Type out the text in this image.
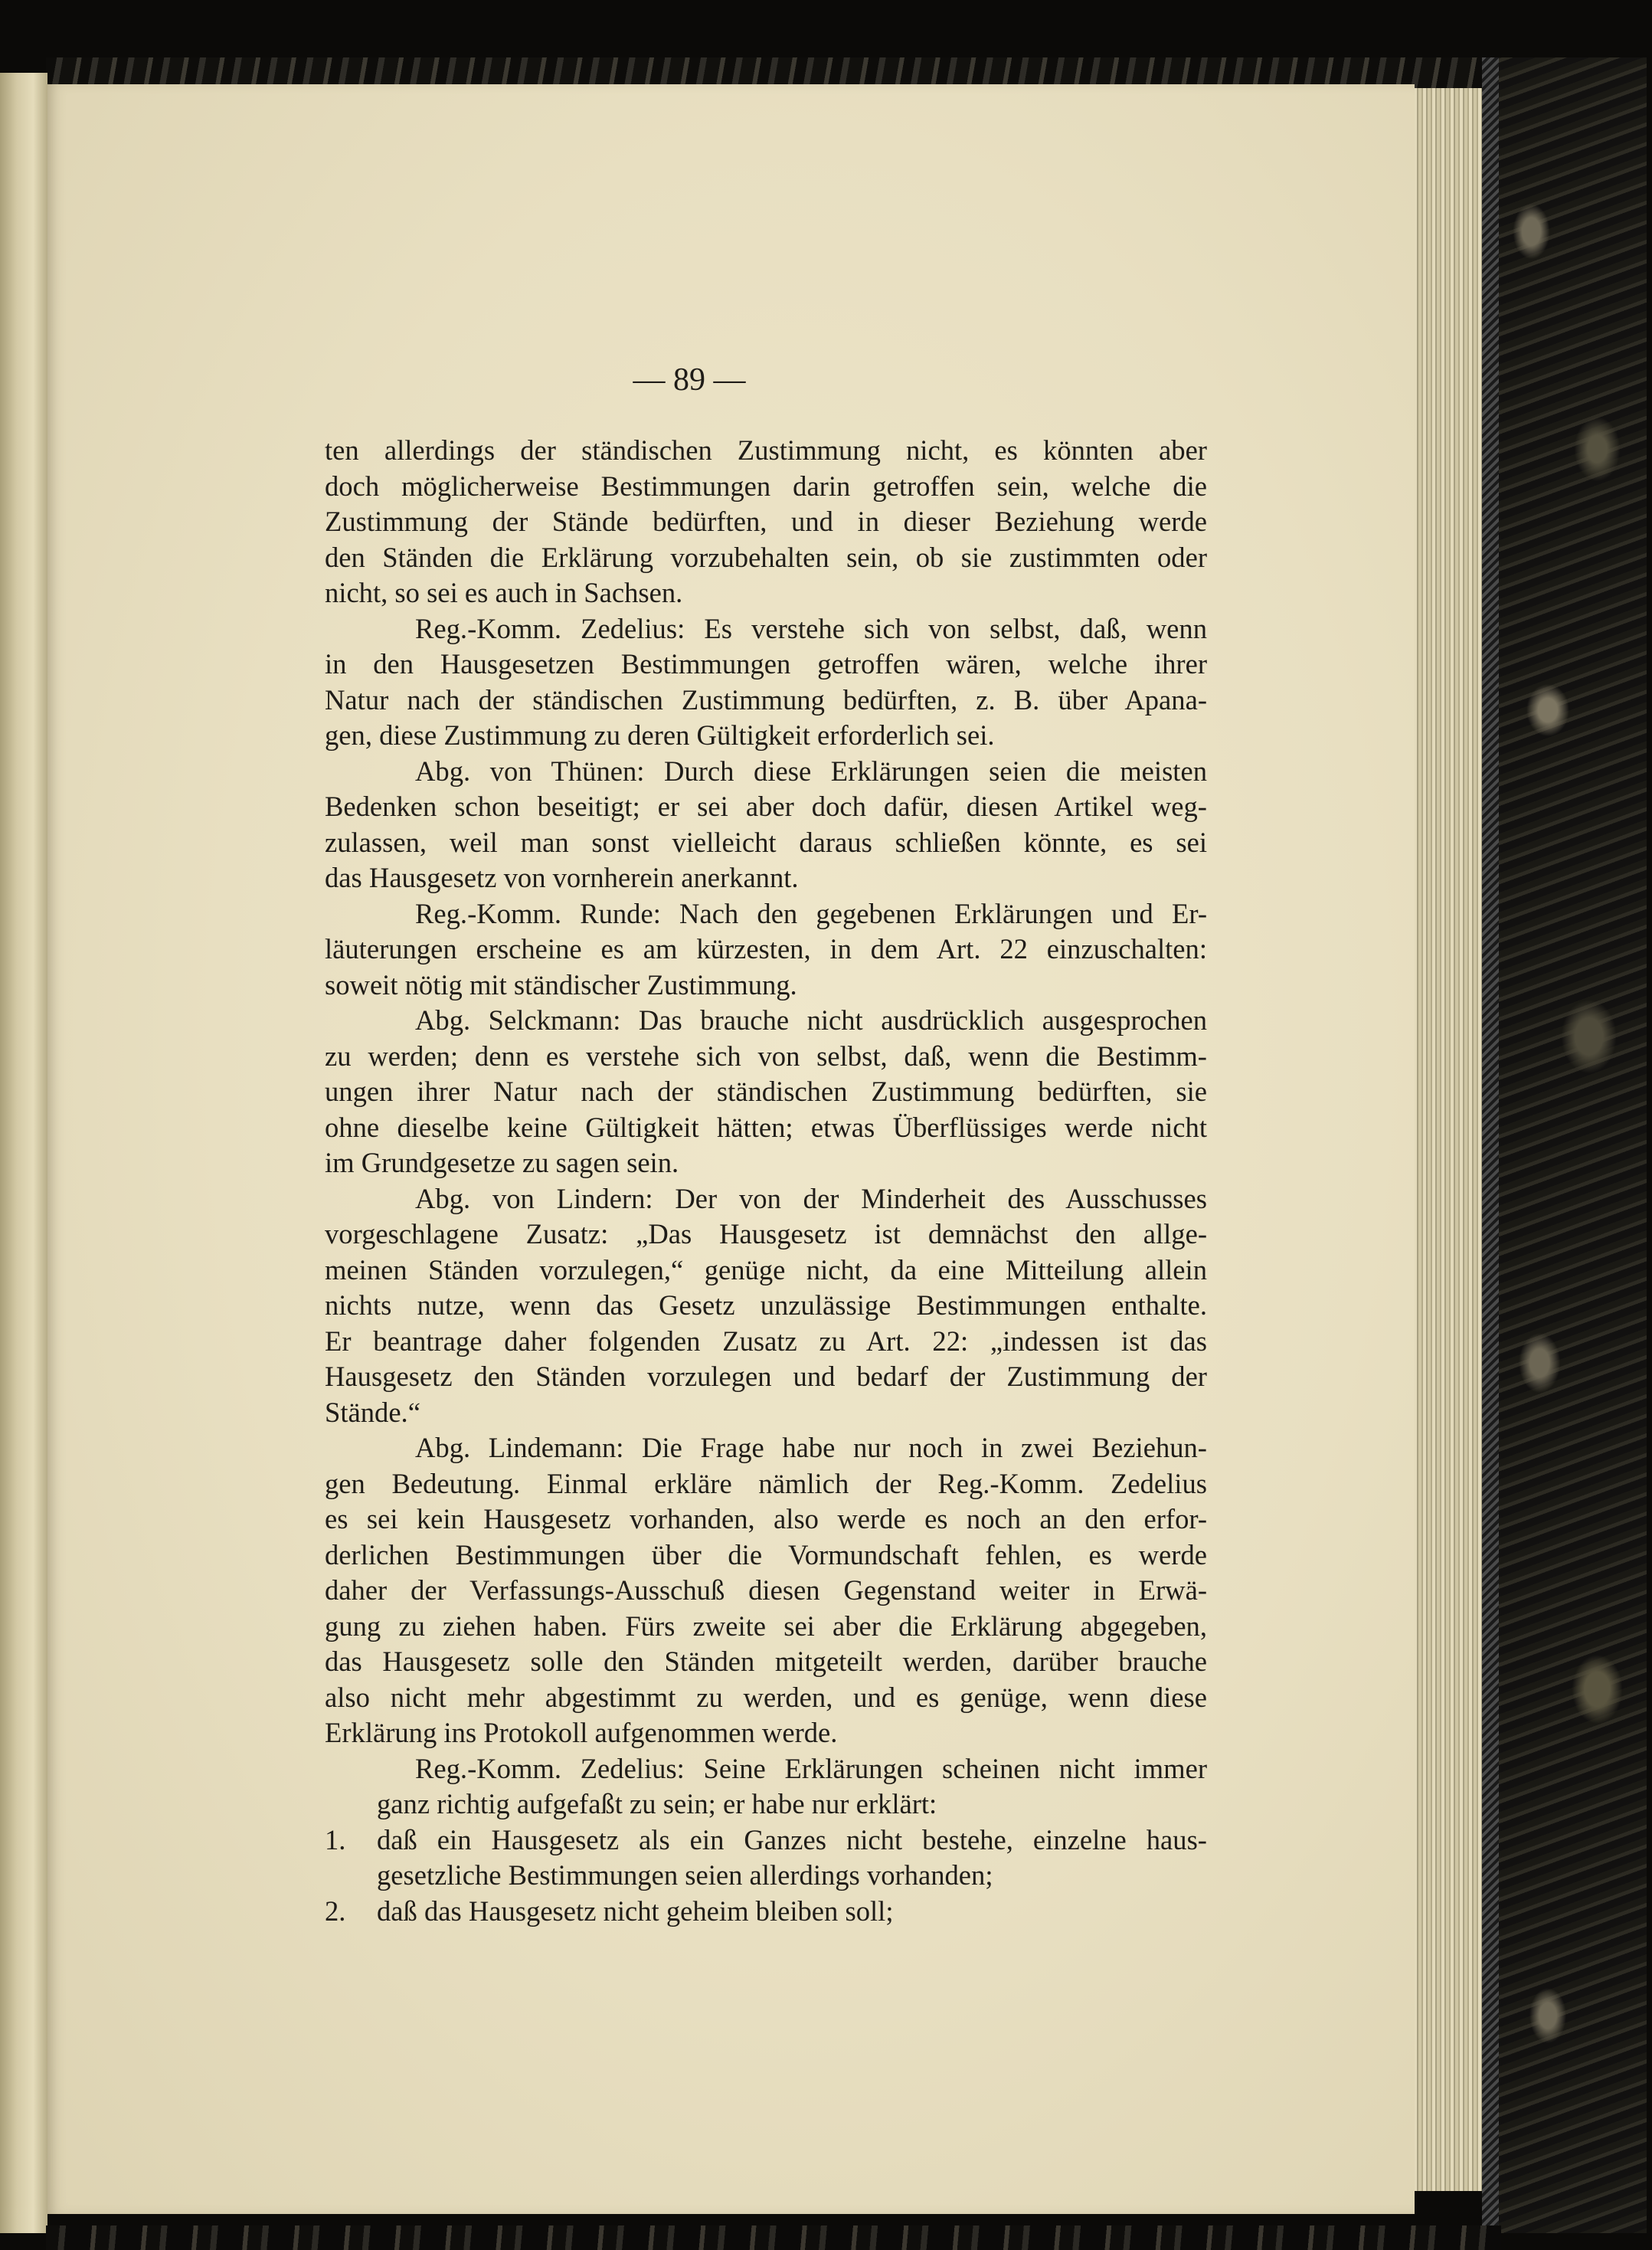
— 89 —
ten allerdings der ständischen Zustimmung nicht, es könnten aber
doch möglicherweise Bestimmungen darin getroffen sein, welche die
Zustimmung der Stände bedürften, und in dieser Beziehung werde
den Ständen die Erklärung vorzubehalten sein, ob sie zustimmten oder
nicht, so sei es auch in Sachsen.
Reg.-Komm. Zedelius: Es verstehe sich von selbst, daß, wenn
in den Hausgesetzen Bestimmungen getroffen wären, welche ihrer
Natur nach der ständischen Zustimmung bedürften, z. B. über Apana-
gen, diese Zustimmung zu deren Gültigkeit erforderlich sei.
Abg. von Thünen: Durch diese Erklärungen seien die meisten
Bedenken schon beseitigt; er sei aber doch dafür, diesen Artikel weg-
zulassen, weil man sonst vielleicht daraus schließen könnte, es sei
das Hausgesetz von vornherein anerkannt.
Reg.-Komm. Runde: Nach den gegebenen Erklärungen und Er-
läuterungen erscheine es am kürzesten, in dem Art. 22 einzuschalten:
soweit nötig mit ständischer Zustimmung.
Abg. Selckmann: Das brauche nicht ausdrücklich ausgesprochen
zu werden; denn es verstehe sich von selbst, daß, wenn die Bestimm-
ungen ihrer Natur nach der ständischen Zustimmung bedürften, sie
ohne dieselbe keine Gültigkeit hätten; etwas Überflüssiges werde nicht
im Grundgesetze zu sagen sein.
Abg. von Lindern: Der von der Minderheit des Ausschusses
vorgeschlagene Zusatz: „Das Hausgesetz ist demnächst den allge-
meinen Ständen vorzulegen,“ genüge nicht, da eine Mitteilung allein
nichts nutze, wenn das Gesetz unzulässige Bestimmungen enthalte.
Er beantrage daher folgenden Zusatz zu Art. 22: „indessen ist das
Hausgesetz den Ständen vorzulegen und bedarf der Zustimmung der
Stände.“
Abg. Lindemann: Die Frage habe nur noch in zwei Beziehun-
gen Bedeutung. Einmal erkläre nämlich der Reg.-Komm. Zedelius
es sei kein Hausgesetz vorhanden, also werde es noch an den erfor-
derlichen Bestimmungen über die Vormundschaft fehlen, es werde
daher der Verfassungs-Ausschuß diesen Gegenstand weiter in Erwä-
gung zu ziehen haben. Fürs zweite sei aber die Erklärung abgegeben,
das Hausgesetz solle den Ständen mitgeteilt werden, darüber brauche
also nicht mehr abgestimmt zu werden, und es genüge, wenn diese
Erklärung ins Protokoll aufgenommen werde.
Reg.-Komm. Zedelius: Seine Erklärungen scheinen nicht immer
ganz richtig aufgefaßt zu sein; er habe nur erklärt:
1. daß ein Hausgesetz als ein Ganzes nicht bestehe, einzelne haus-
gesetzliche Bestimmungen seien allerdings vorhanden;
2. daß das Hausgesetz nicht geheim bleiben soll;
